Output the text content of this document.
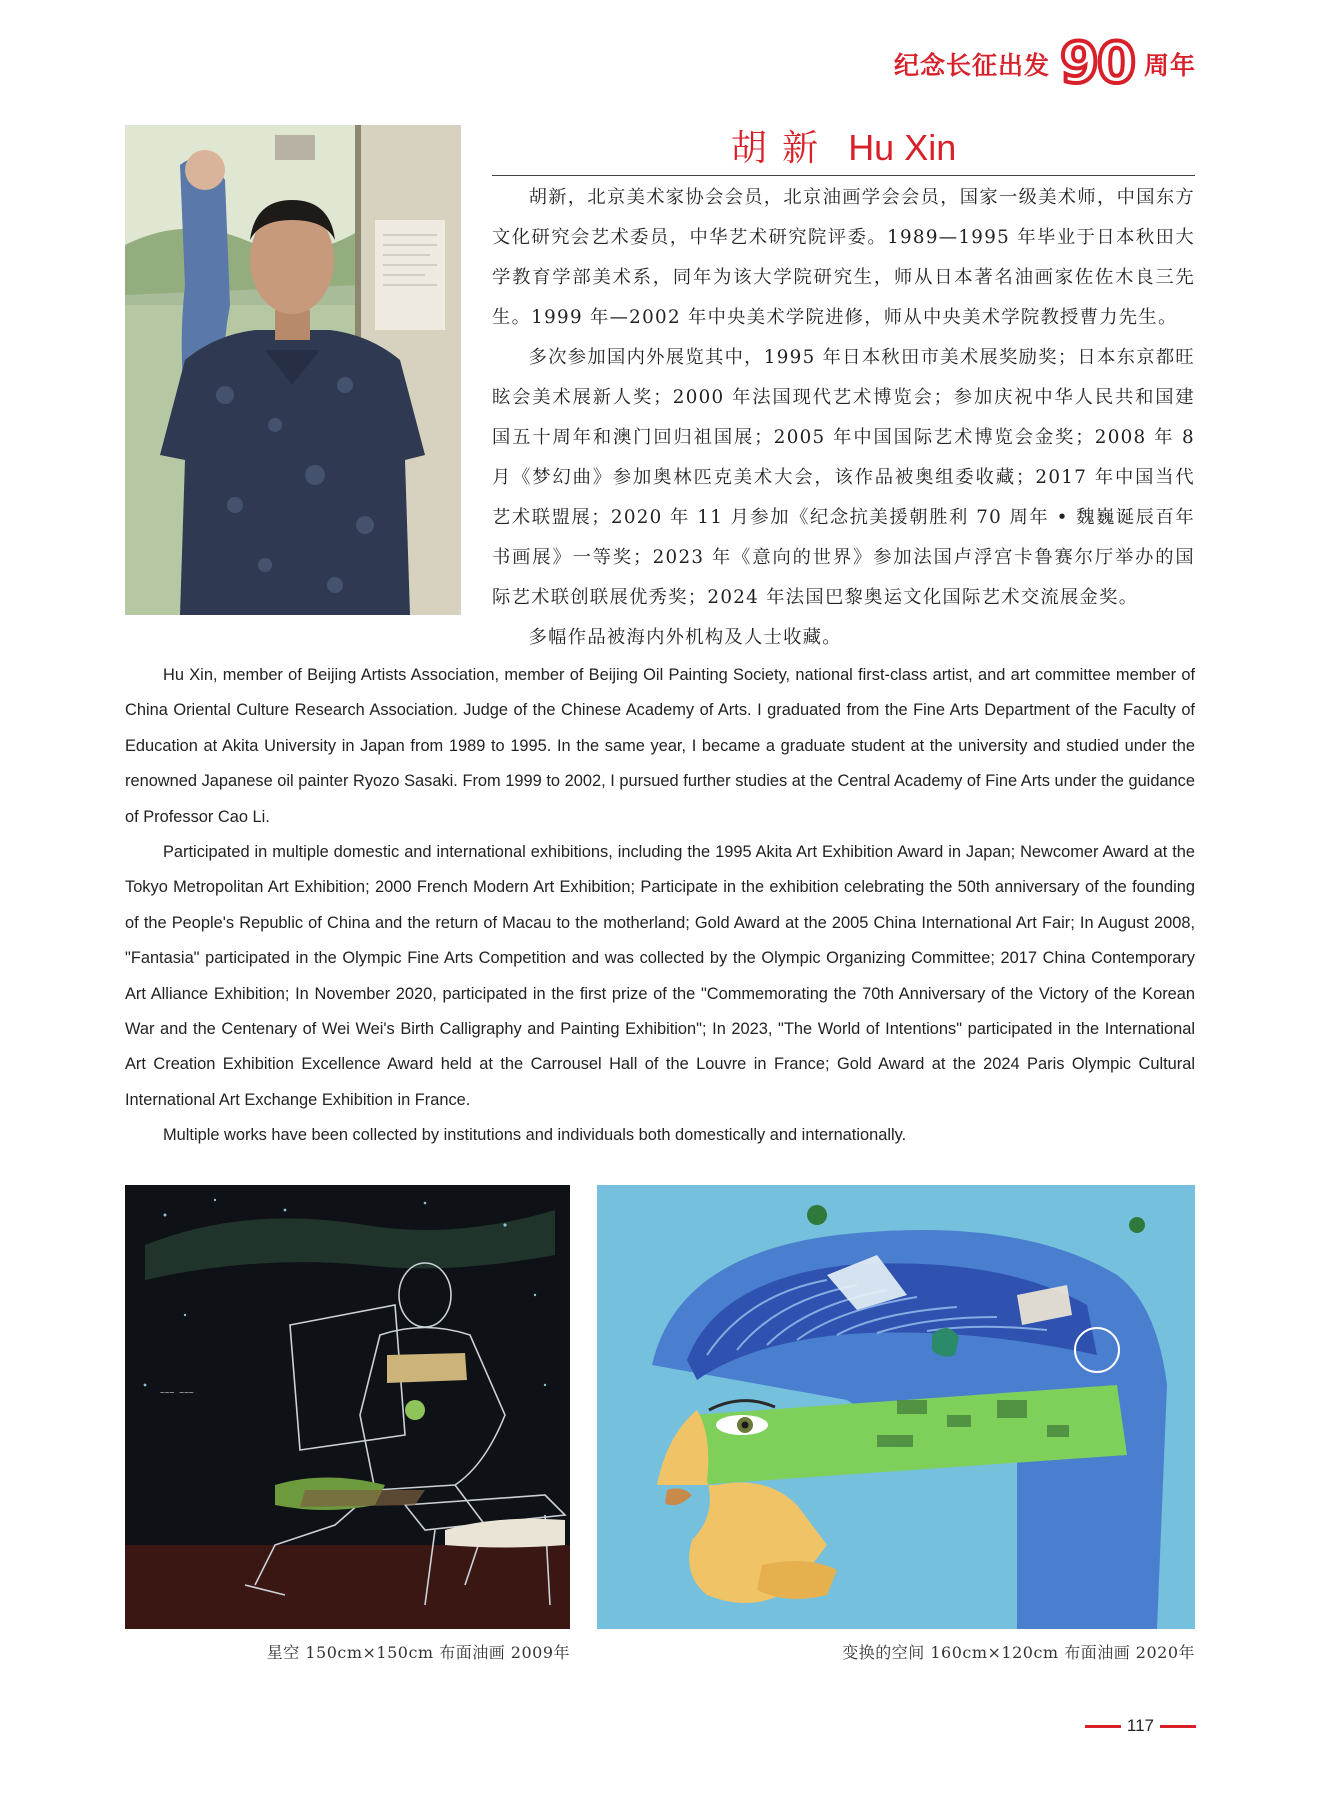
纪念长征出发 90 周年
胡 新 Hu Xin

胡新，北京美术家协会会员，北京油画学会会员，国家一级美术师，中国东方文化研究会艺术委员，中华艺术研究院评委。1989—1995 年毕业于日本秋田大学教育学部美术系，同年为该大学院研究生，师从日本著名油画家佐佐木良三先生。1999 年—2002 年中央美术学院进修，师从中央美术学院教授曹力先生。

多次参加国内外展览其中，1995 年日本秋田市美术展奖励奖；日本东京都旺眩会美术展新人奖；2000 年法国现代艺术博览会；参加庆祝中华人民共和国建国五十周年和澳门回归祖国展；2005 年中国国际艺术博览会金奖；2008 年 8 月《梦幻曲》参加奥林匹克美术大会，该作品被奥组委收藏；2017 年中国当代艺术联盟展；2020 年 11 月参加《纪念抗美援朝胜利 70 周年 • 魏巍诞辰百年书画展》一等奖；2023 年《意向的世界》参加法国卢浮宫卡鲁赛尔厅举办的国际艺术联创联展优秀奖；2024 年法国巴黎奥运文化国际艺术交流展金奖。

多幅作品被海内外机构及人士收藏。

Hu Xin, member of Beijing Artists Association, member of Beijing Oil Painting Society, national first-class artist, and art committee member of China Oriental Culture Research Association. Judge of the Chinese Academy of Arts. I graduated from the Fine Arts Department of the Faculty of Education at Akita University in Japan from 1989 to 1995. In the same year, I became a graduate student at the university and studied under the renowned Japanese oil painter Ryozo Sasaki. From 1999 to 2002, I pursued further studies at the Central Academy of Fine Arts under the guidance of Professor Cao Li.

Participated in multiple domestic and international exhibitions, including the 1995 Akita Art Exhibition Award in Japan; Newcomer Award at the Tokyo Metropolitan Art Exhibition; 2000 French Modern Art Exhibition; Participate in the exhibition celebrating the 50th anniversary of the founding of the People's Republic of China and the return of Macau to the motherland; Gold Award at the 2005 China International Art Fair; In August 2008, "Fantasia" participated in the Olympic Fine Arts Competition and was collected by the Olympic Organizing Committee; 2017 China Contemporary Art Alliance Exhibition; In November 2020, participated in the first prize of the "Commemorating the 70th Anniversary of the Victory of the Korean War and the Centenary of Wei Wei's Birth Calligraphy and Painting Exhibition"; In 2023, "The World of Intentions" participated in the International Art Creation Exhibition Excellence Award held at the Carrousel Hall of the Louvre in France; Gold Award at the 2024 Paris Olympic Cultural International Art Exchange Exhibition in France.

Multiple works have been collected by institutions and individuals both domestically and internationally.

~~~ ~~~
星空 150cm×150cm 布面油画 2009年	变换的空间 160cm×120cm 布面油画 2020年
117
